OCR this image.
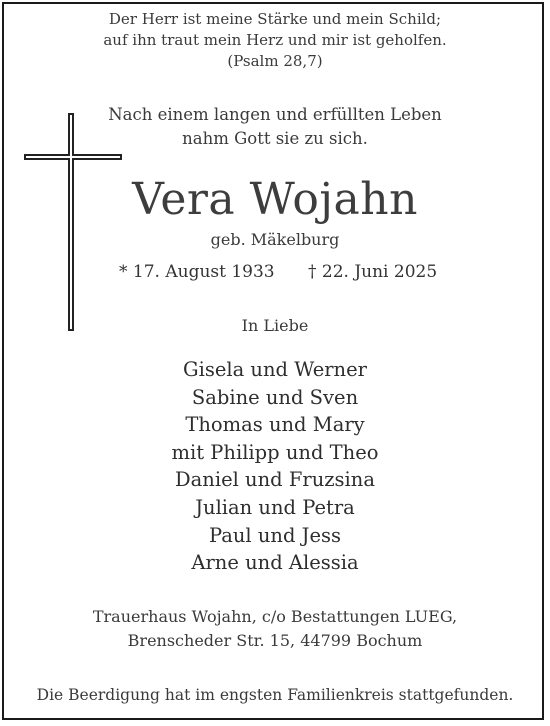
Der Herr ist meine Stärke und mein Schild;
auf ihn traut mein Herz und mir ist geholfen.
(Psalm 28,7)
Nach einem langen und erfüllten Leben
nahm Gott sie zu sich.
Vera Wojahn
geb. Mäkelburg
* 17. August 1933 † 22. Juni 2025
In Liebe
Gisela und Werner
Sabine und Sven
Thomas und Mary
mit Philipp und Theo
Daniel und Fruzsina
Julian und Petra
Paul und Jess
Arne und Alessia
Trauerhaus Wojahn, c/o Bestattungen LUEG,
Brenscheder Str. 15, 44799 Bochum
Die Beerdigung hat im engsten Familienkreis stattgefunden.
